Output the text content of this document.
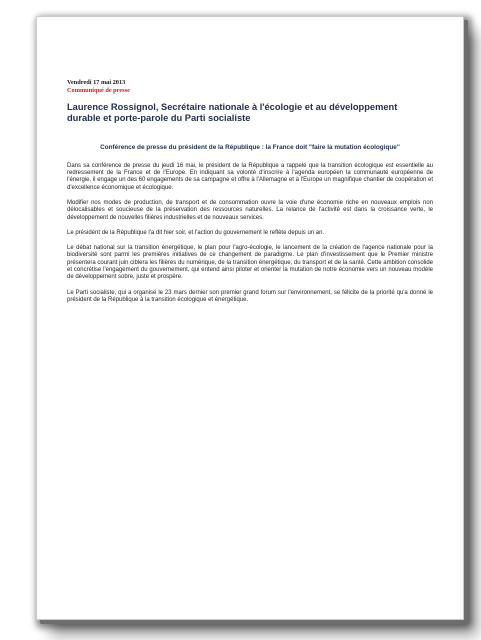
Vendredi 17 mai 2013
Communiqué de presse
Laurence Rossignol, Secrétaire nationale à l'écologie et au développement durable et porte-parole du Parti socialiste
Conférence de presse du président de la République : la France doit "faire la mutation écologique"

Dans sa conférence de presse du jeudi 16 mai, le président de la République a rappelé que la transition écologique est essentielle au redressement de la France et de l'Europe. En indiquant sa volonté d'inscrire à l'agenda européen la communauté européenne de l'énergie, il engage un des 60 engagements de sa campagne et offre à l'Allemagne et à l'Europe un magnifique chantier de coopération et d'excellence économique et écologique.

Modifier nos modes de production, de transport et de consommation ouvre la voie d'une économie riche en nouveaux emplois non délocalisables et soucieuse de la préservation des ressources naturelles. La relance de l'activité est dans la croissance verte, le développement de nouvelles filières industrielles et de nouveaux services.

Le président de la République l'a dit hier soir, et l'action du gouvernement le reflète depuis un an.

Le débat national sur la transition énergétique, le plan pour l'agro-écologie, le lancement de la création de l'agence nationale pour la biodiversité sont parmi les premières initiatives de ce changement de paradigme. Le plan d'investissement que le Premier ministre présentera courant juin ciblera les filières du numérique, de la transition énergétique, du transport et de la santé. Cette ambition consolide et concrétise l'engagement du gouvernement, qui entend ainsi piloter et orienter la mutation de notre économie vers un nouveau modèle de développement sobre, juste et prospère.

Le Parti socialiste, qui a organisé le 23 mars dernier son premier grand forum sur l'environnement, se félicite de la priorité qu'a donné le président de la République à la transition écologique et énergétique.
